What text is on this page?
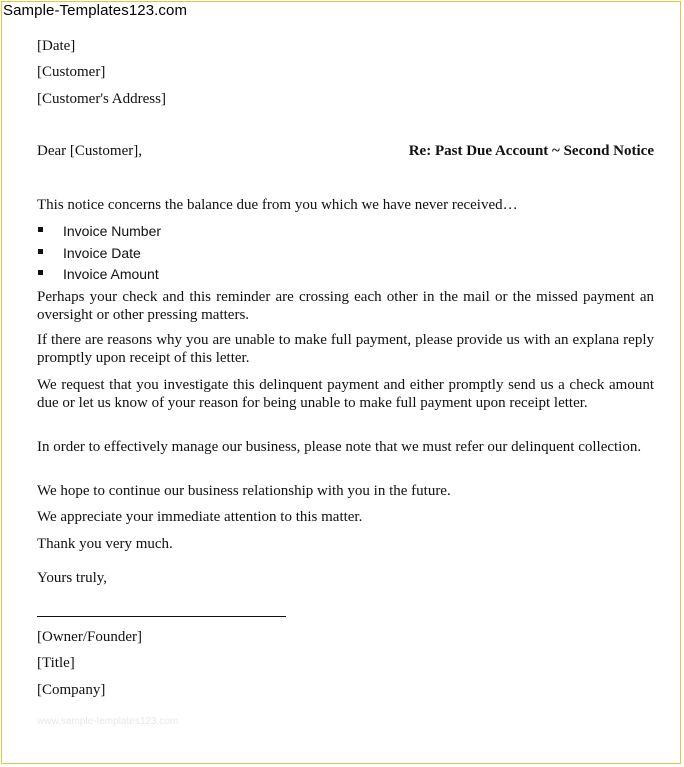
Sample-Templates123.com
[Date]
[Customer]
[Customer's Address]
Dear [Customer],	Re: Past Due Account ~ Second Notice
This notice concerns the balance due from you which we have never received…
Invoice Number
Invoice Date
Invoice Amount
Perhaps your check and this reminder are crossing each other in the mail or the missed payment an oversight or other pressing matters.
If there are reasons why you are unable to make full payment, please provide us with an explana reply promptly upon receipt of this letter.
We request that you investigate this delinquent payment and either promptly send us a check amount due or let us know of your reason for being unable to make full payment upon receipt letter.
In order to effectively manage our business, please note that we must refer our delinquent collection.
We hope to continue our business relationship with you in the future.
We appreciate your immediate attention to this matter.
Thank you very much.
Yours truly,
[Owner/Founder]
[Title]
[Company]
www.sample-templates123.com
